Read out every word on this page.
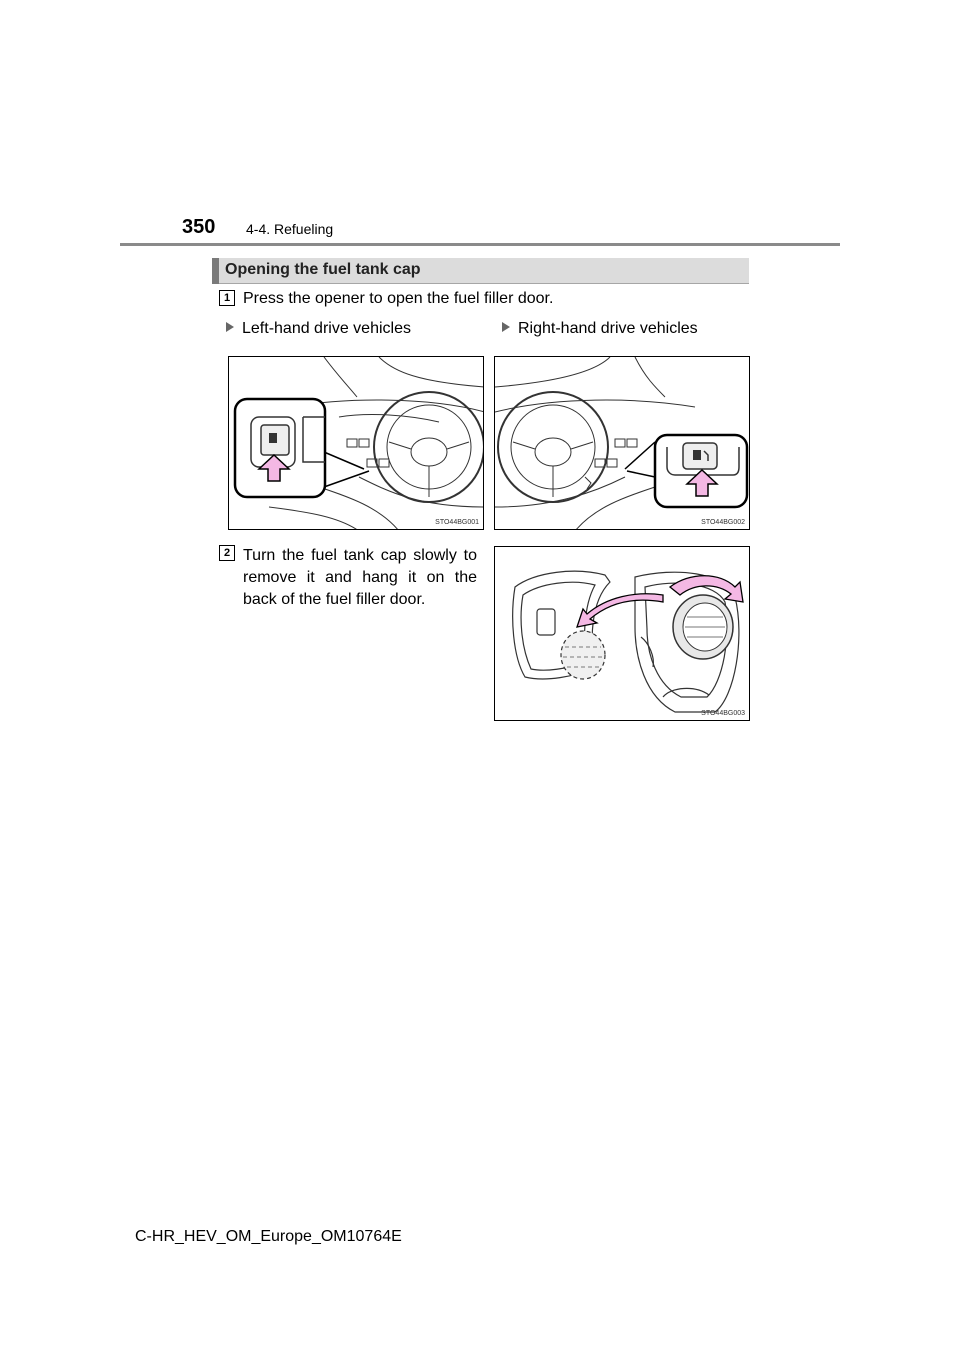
350 4-4. Refueling
Opening the fuel tank cap
1 Press the opener to open the fuel filler door.
Left-hand drive vehicles	Right-hand drive vehicles
STO44BG001	STO44BG002
2 Turn the fuel tank cap slowly to remove it and hang it on the back of the fuel filler door.
STO44BG003
C-HR_HEV_OM_Europe_OM10764E
